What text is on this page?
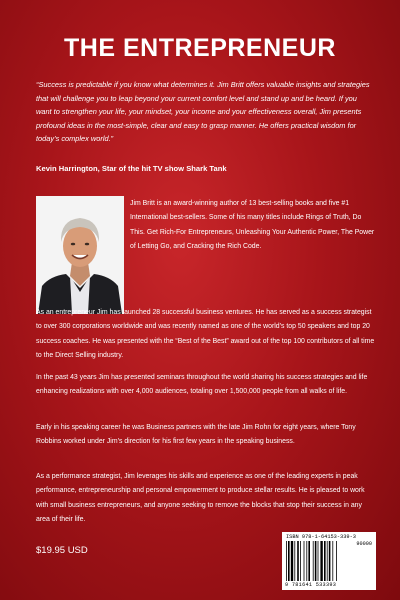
THE ENTREPRENEUR
“Success is predictable if you know what determines it. Jim Britt offers valuable insights and strategies that will challenge you to leap beyond your current comfort level and stand up and be heard. If you want to strengthen your life, your mindset, your income and your effectiveness overall, Jim presents profound ideas in the most-simple, clear and easy to grasp manner. He offers practical wisdom for today’s complex world.”
Kevin Harrington, Star of the hit TV show Shark Tank
Jim Britt is an award-winning author of 13 best-selling books and five #1 International best-sellers. Some of his many titles include Rings of Truth, Do This. Get Rich-For Entrepreneurs, Unleashing Your Authentic Power, The Power of Letting Go, and Cracking the Rich Code.
As an entrepreneur Jim has launched 28 successful business ventures. He has served as a success strategist to over 300 corporations worldwide and was recently named as one of the world’s top 50 speakers and top 20 success coaches. He was presented with the “Best of the Best” award out of the top 100 contributors of all time to the Direct Selling industry.
In the past 43 years Jim has presented seminars throughout the world sharing his success strategies and life enhancing realizations with over 4,000 audiences, totaling over 1,500,000 people from all walks of life.
Early in his speaking career he was Business partners with the late Jim Rohn for eight years, where Tony Robbins worked under Jim’s direction for his first few years in the speaking business.
As a performance strategist, Jim leverages his skills and experience as one of the leading experts in peak performance, entrepreneurship and personal empowerment to produce stellar results. He is pleased to work with small business entrepreneurs, and anyone seeking to remove the blocks that stop their success in any area of their life.
$19.95 USD
ISBN 978-1-64153-339-3
90000
9 781641 533393
